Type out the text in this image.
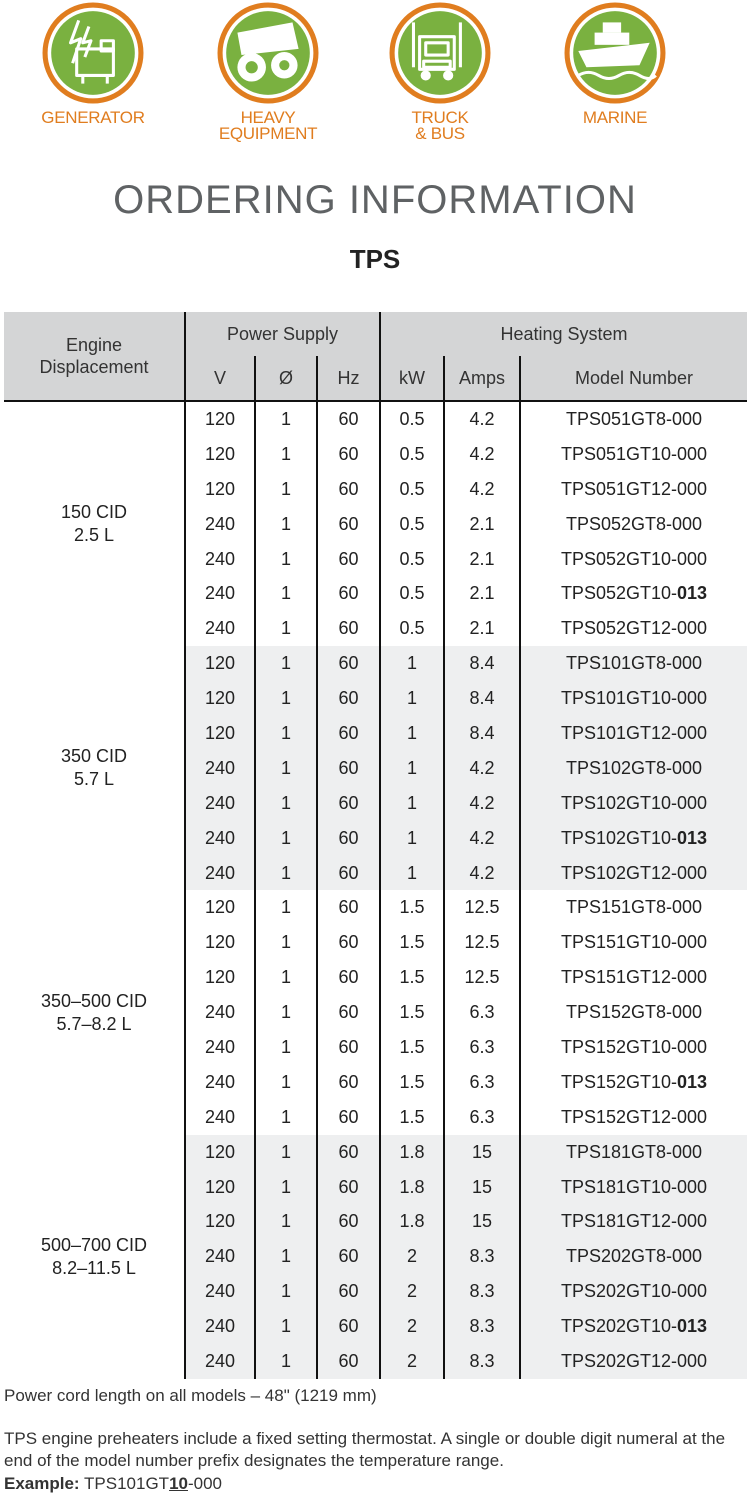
GENERATOR	HEAVY
EQUIPMENT
TRUCK
& BUS
MARINE
ORDERING INFORMATION
TPS
Engine
Displacement	Power Supply			Heating System		
	V	Ø	Hz	kW	Amps	Model Number
150 CID
2.5 L	120	1	60	0.5	4.2	TPS051GT8-000
	120	1	60	0.5	4.2	TPS051GT10-000
	120	1	60	0.5	4.2	TPS051GT12-000
	240	1	60	0.5	2.1	TPS052GT8-000
	240	1	60	0.5	2.1	TPS052GT10-000
	240	1	60	0.5	2.1	TPS052GT10-013
	240	1	60	0.5	2.1	TPS052GT12-000
350 CID
5.7 L	120	1	60	1	8.4	TPS101GT8-000
	120	1	60	1	8.4	TPS101GT10-000
	120	1	60	1	8.4	TPS101GT12-000
	240	1	60	1	4.2	TPS102GT8-000
	240	1	60	1	4.2	TPS102GT10-000
	240	1	60	1	4.2	TPS102GT10-013
	240	1	60	1	4.2	TPS102GT12-000
350–500 CID
5.7–8.2 L	120	1	60	1.5	12.5	TPS151GT8-000
	120	1	60	1.5	12.5	TPS151GT10-000
	120	1	60	1.5	12.5	TPS151GT12-000
	240	1	60	1.5	6.3	TPS152GT8-000
	240	1	60	1.5	6.3	TPS152GT10-000
	240	1	60	1.5	6.3	TPS152GT10-013
	240	1	60	1.5	6.3	TPS152GT12-000
500–700 CID
8.2–11.5 L	120	1	60	1.8	15	TPS181GT8-000
	120	1	60	1.8	15	TPS181GT10-000
	120	1	60	1.8	15	TPS181GT12-000
	240	1	60	2	8.3	TPS202GT8-000
	240	1	60	2	8.3	TPS202GT10-000
	240	1	60	2	8.3	TPS202GT10-013
	240	1	60	2	8.3	TPS202GT12-000
Power cord length on all models – 48" (1219 mm)
TPS engine preheaters include a fixed setting thermostat. A single or double digit numeral at the end of the model number prefix designates the temperature range.
Example: TPS101GT10-000
